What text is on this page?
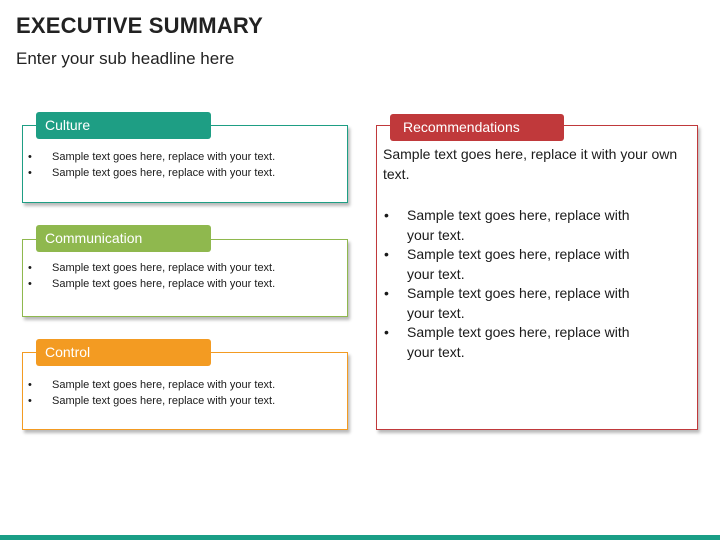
EXECUTIVE SUMMARY

Enter your sub headline here

Culture
• Sample text goes here, replace with your text.
• Sample text goes here, replace with your text.
Communication
• Sample text goes here, replace with your text.
• Sample text goes here, replace with your text.
Control
• Sample text goes here, replace with your text.
• Sample text goes here, replace with your text.
Recommendations

Sample text goes here, replace it with your own text.

• Sample text goes here, replace with your text.
• Sample text goes here, replace with your text.
• Sample text goes here, replace with your text.
• Sample text goes here, replace with your text.
